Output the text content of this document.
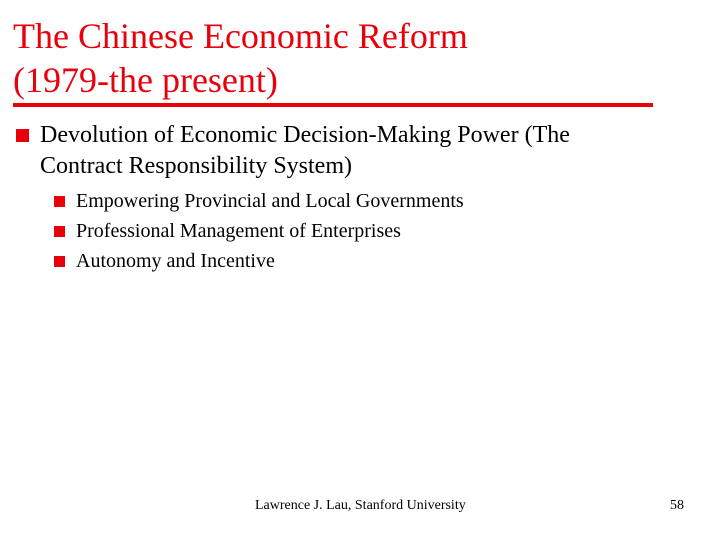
The Chinese Economic Reform
(1979-the present)
Devolution of Economic Decision-Making Power (The
Contract Responsibility System)
Empowering Provincial and Local Governments
Professional Management of Enterprises
Autonomy and Incentive
Lawrence J. Lau, Stanford University	58
